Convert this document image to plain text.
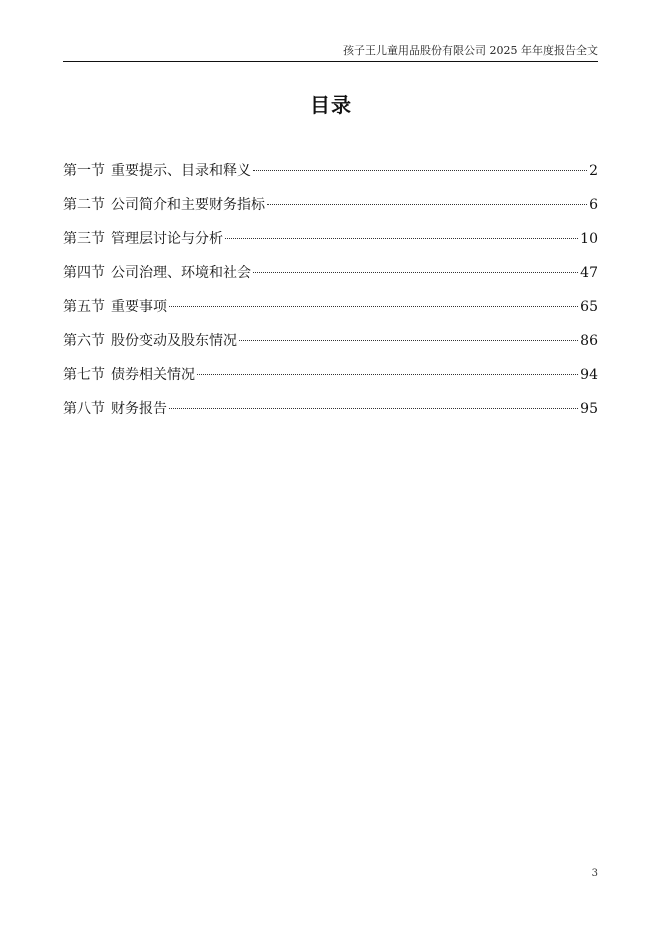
孩子王儿童用品股份有限公司 2025 年年度报告全文
目录
第一节 重要提示、目录和释义	2
第二节 公司简介和主要财务指标	6
第三节 管理层讨论与分析	10
第四节 公司治理、环境和社会	47
第五节 重要事项	65
第六节 股份变动及股东情况	86
第七节 债券相关情况	94
第八节 财务报告	95
3
